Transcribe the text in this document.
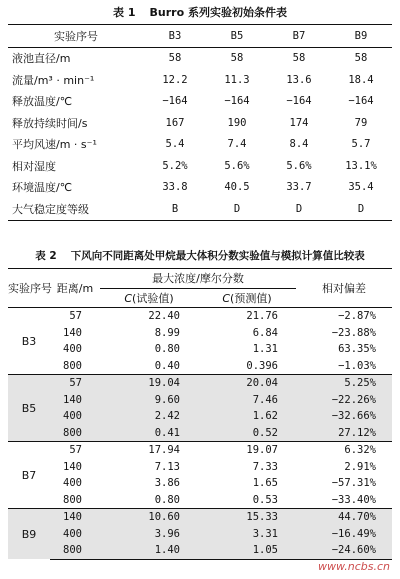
表 1 Burro 系列实验初始条件表
实验序号	B3	B5	B7	B9
液池直径/m	58	58	58	58
流量/m³ · min⁻¹	12.2	11.3	13.6	18.4
释放温度/℃	−164	−164	−164	−164
释放持续时间/s	167	190	174	79
平均风速/m · s⁻¹	5.4	7.4	8.4	5.7
相对湿度	5.2%	5.6%	5.6%	13.1%
环境温度/℃	33.8	40.5	33.7	35.4
大气稳定度等级	B	D	D	D
表 2 下风向不同距离处甲烷最大体积分数实验值与模拟计算值比较表
实验序号	距离/m	最大浓度/摩尔分数		相对偏差
		C(试验值)	C(预测值)	
B3	57	22.40	21.76	−2.87%
	140	8.99	6.84	−23.88%
	400	0.80	1.31	63.35%
	800	0.40	0.396	−1.03%
B5	57	19.04	20.04	5.25%
	140	9.60	7.46	−22.26%
	400	2.42	1.62	−32.66%
	800	0.41	0.52	27.12%
B7	57	17.94	19.07	6.32%
	140	7.13	7.33	2.91%
	400	3.86	1.65	−57.31%
	800	0.80	0.53	−33.40%
B9	140	10.60	15.33	44.70%
	400	3.96	3.31	−16.49%
	800	1.40	1.05	−24.60%
www.ncbs.cn
